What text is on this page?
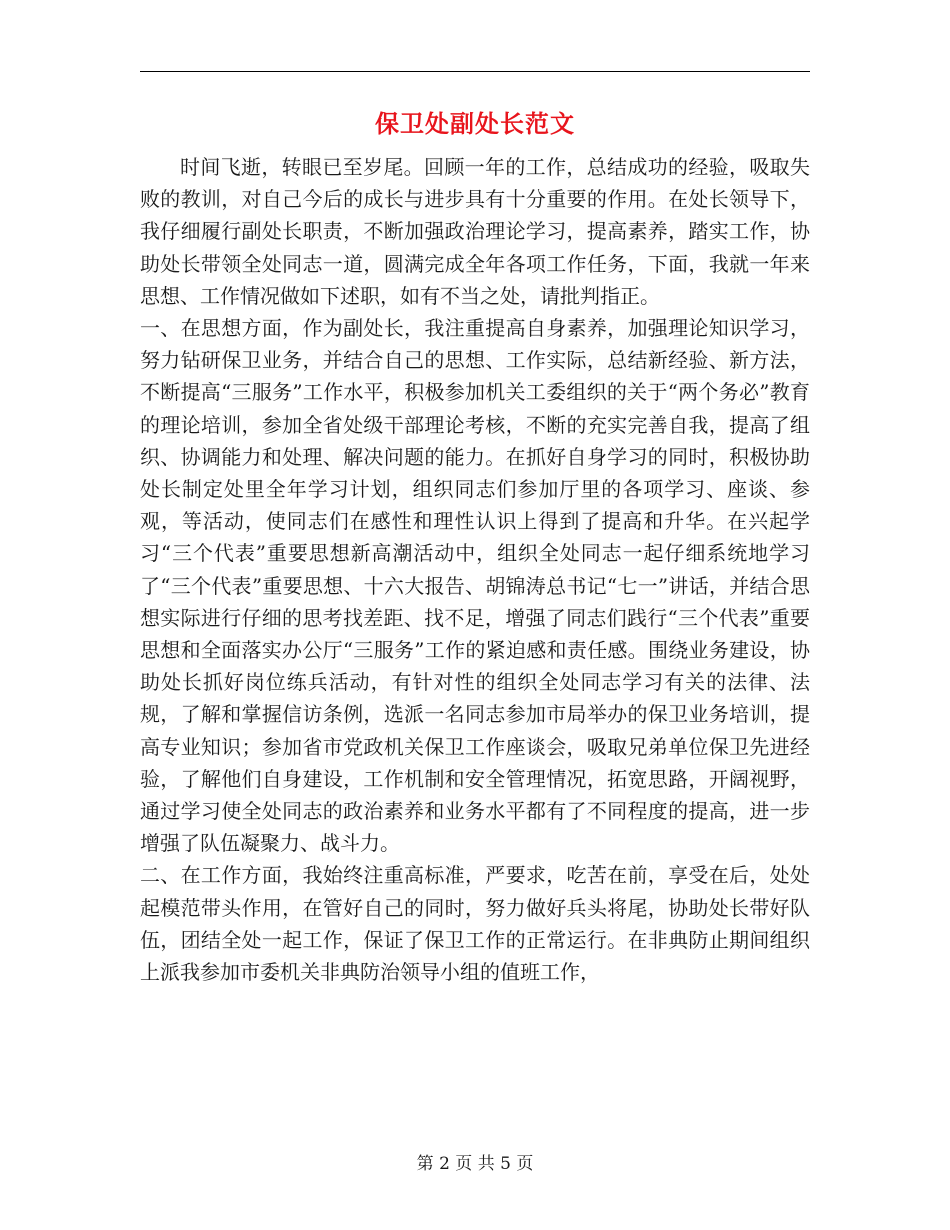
保卫处副处长范文

时间飞逝，转眼已至岁尾。回顾一年的工作，总结成功的经验，吸取失败的教训，对自己今后的成长与进步具有十分重要的作用。在处长领导下，我仔细履行副处长职责，不断加强政治理论学习，提高素养，踏实工作，协助处长带领全处同志一道，圆满完成全年各项工作任务，下面，我就一年来思想、工作情况做如下述职，如有不当之处，请批判指正。

一、在思想方面，作为副处长，我注重提高自身素养，加强理论知识学习，努力钻研保卫业务，并结合自己的思想、工作实际，总结新经验、新方法，不断提高“三服务”工作水平，积极参加机关工委组织的关于“两个务必”教育的理论培训，参加全省处级干部理论考核，不断的充实完善自我，提高了组织、协调能力和处理、解决问题的能力。在抓好自身学习的同时，积极协助处长制定处里全年学习计划，组织同志们参加厅里的各项学习、座谈、参观，等活动，使同志们在感性和理性认识上得到了提高和升华。在兴起学习“三个代表”重要思想新高潮活动中，组织全处同志一起仔细系统地学习了“三个代表”重要思想、十六大报告、胡锦涛总书记“七一”讲话，并结合思想实际进行仔细的思考找差距、找不足，增强了同志们践行“三个代表”重要思想和全面落实办公厅“三服务”工作的紧迫感和责任感。围绕业务建设，协助处长抓好岗位练兵活动，有针对性的组织全处同志学习有关的法律、法规，了解和掌握信访条例，选派一名同志参加市局举办的保卫业务培训，提高专业知识；参加省市党政机关保卫工作座谈会，吸取兄弟单位保卫先进经验，了解他们自身建设，工作机制和安全管理情况，拓宽思路，开阔视野，通过学习使全处同志的政治素养和业务水平都有了不同程度的提高，进一步增强了队伍凝聚力、战斗力。

二、在工作方面，我始终注重高标准，严要求，吃苦在前，享受在后，处处起模范带头作用，在管好自己的同时，努力做好兵头将尾，协助处长带好队伍，团结全处一起工作，保证了保卫工作的正常运行。在非典防止期间组织上派我参加市委机关非典防治领导小组的值班工作，

第 2 页 共 5 页
